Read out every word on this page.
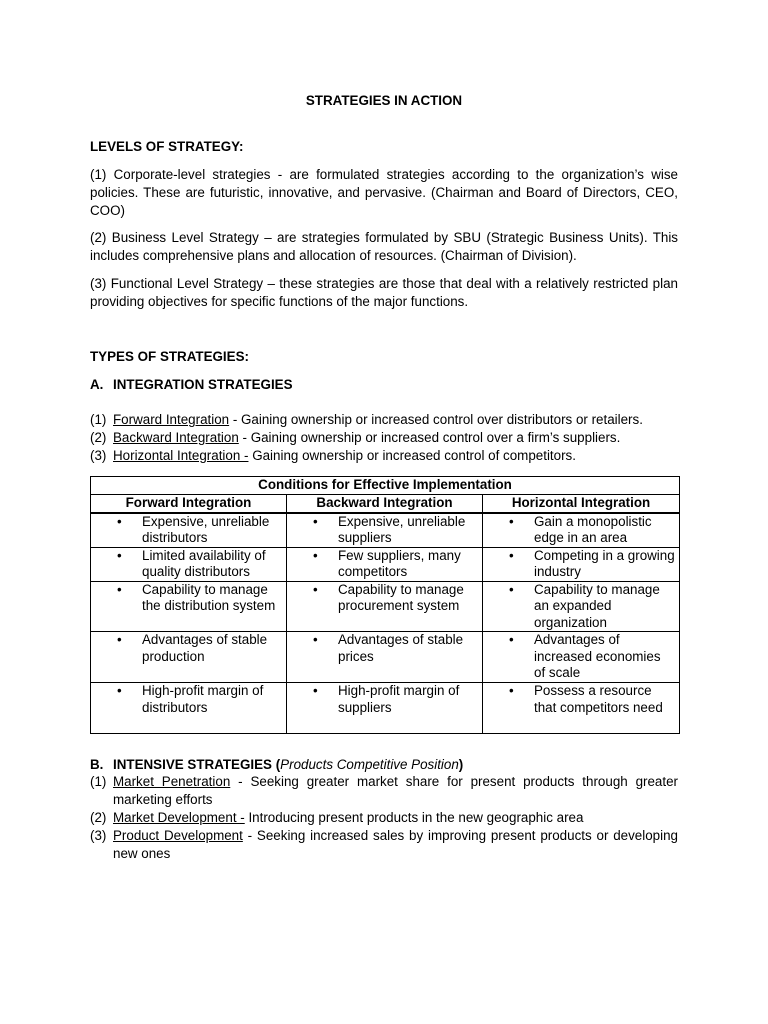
STRATEGIES IN ACTION
LEVELS OF STRATEGY:
(1) Corporate-level strategies - are formulated strategies according to the organization’s wise policies. These are futuristic, innovative, and pervasive. (Chairman and Board of Directors, CEO, COO)
(2) Business Level Strategy – are strategies formulated by SBU (Strategic Business Units). This includes comprehensive plans and allocation of resources. (Chairman of Division).
(3) Functional Level Strategy – these strategies are those that deal with a relatively restricted plan providing objectives for specific functions of the major functions.
TYPES OF STRATEGIES:
A. INTEGRATION STRATEGIES
(1) Forward Integration - Gaining ownership or increased control over distributors or retailers.
(2) Backward Integration - Gaining ownership or increased control over a firm’s suppliers.
(3) Horizontal Integration - Gaining ownership or increased control of competitors.
Conditions for Effective Implementation		
Forward Integration	Backward Integration	Horizontal Integration

• Expensive, unreliable distributors	• Expensive, unreliable suppliers	• Gain a monopolistic edge in an area

• Limited availability of quality distributors	• Few suppliers, many competitors	• Competing in a growing industry

• Capability to manage the distribution system	• Capability to manage procurement system	• Capability to manage an expanded organization

• Advantages of stable production	• Advantages of stable prices	• Advantages of increased economies of scale

• High-profit margin of distributors	• High-profit margin of suppliers	• Possess a resource that competitors need
B. INTENSIVE STRATEGIES (Products Competitive Position)
(1) Market Penetration - Seeking greater market share for present products through greater marketing efforts
(2) Market Development - Introducing present products in the new geographic area
(3) Product Development - Seeking increased sales by improving present products or developing new ones
